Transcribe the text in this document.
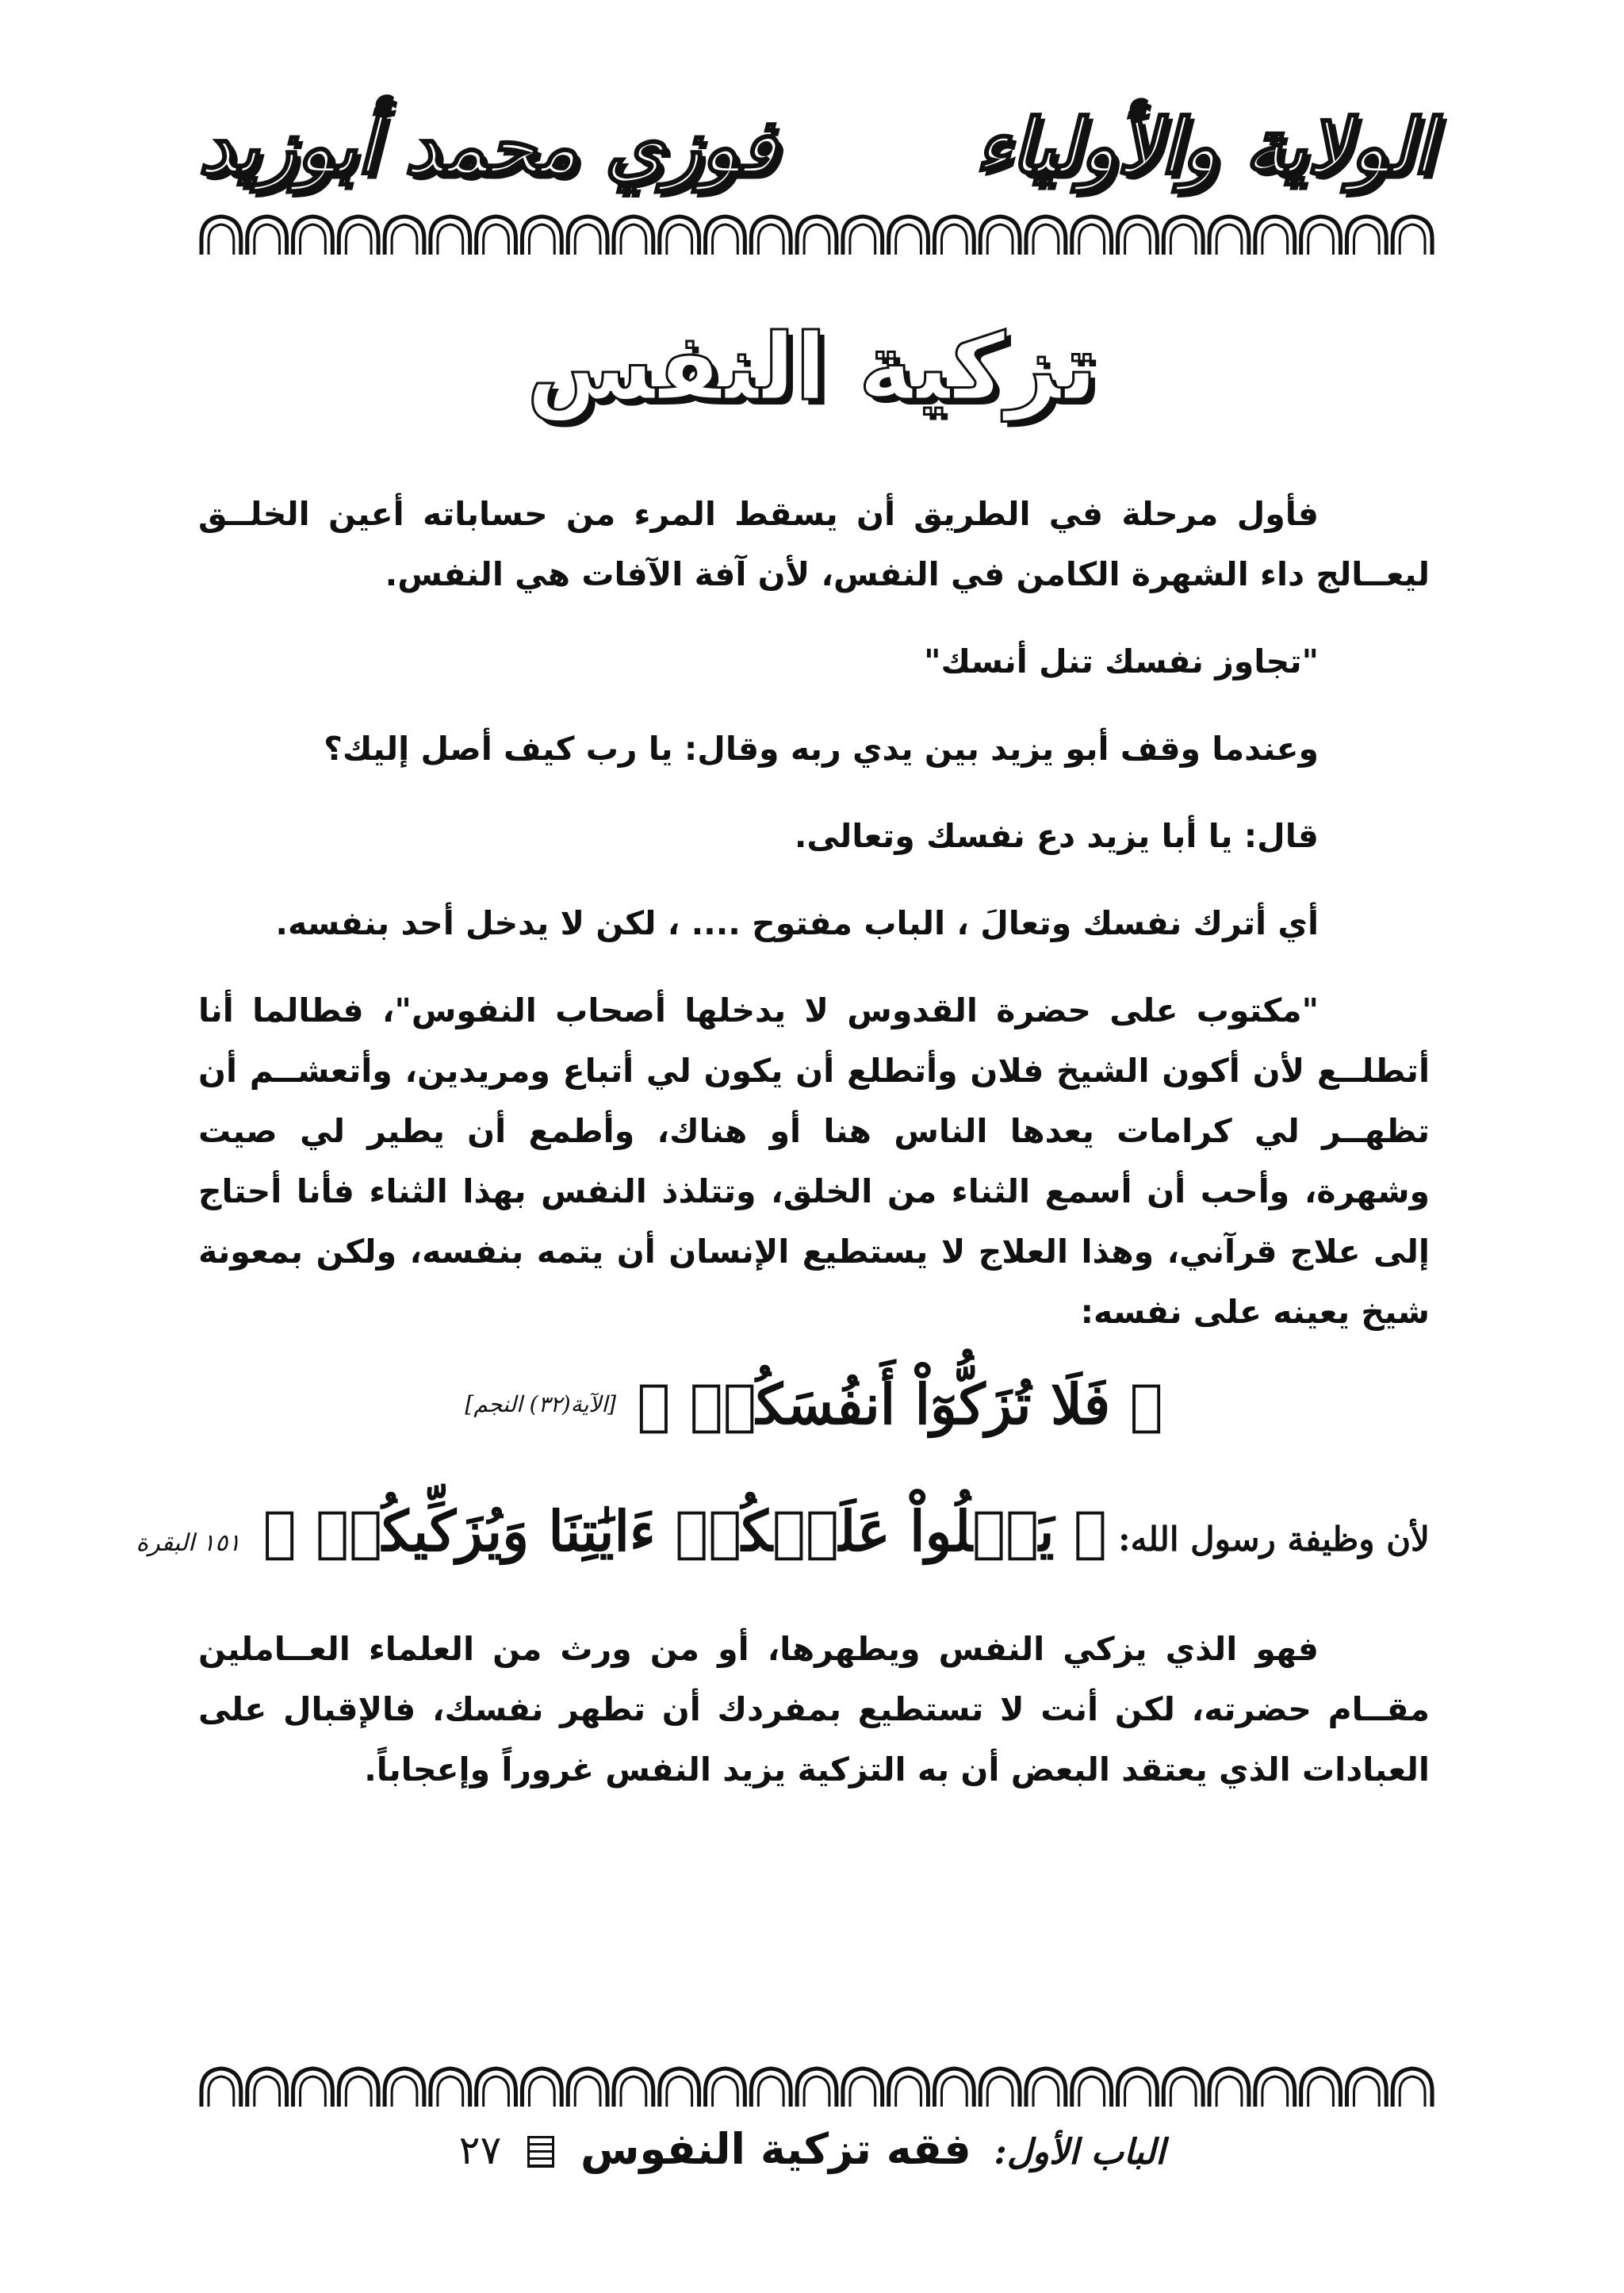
الولاية والأولياء
فوزي محمد أبوزيد
تزكية النفس

فأول مرحلة في الطريق أن يسقط المرء من حساباته أعين الخلــق ليعــالج داء الشهرة الكامن في النفس، لأن آفة الآفات هي النفس.

"تجاوز نفسك تنل أنسك"

وعندما وقف أبو يزيد بين يدي ربه وقال: يا رب كيف أصل إليك؟

قال: يا أبا يزيد دع نفسك وتعالى.

أي أترك نفسك وتعالَ ، الباب مفتوح .... ، لكن لا يدخل أحد بنفسه.

"مكتوب على حضرة القدوس لا يدخلها أصحاب النفوس"، فطالما أنا أتطلــع لأن أكون الشيخ فلان وأتطلع أن يكون لي أتباع ومريدين، وأتعشــم أن تظهــر لي كرامات يعدها الناس هنا أو هناك، وأطمع أن يطير لي صيت وشهرة، وأحب أن أسمع الثناء من الخلق، وتتلذذ النفس بهذا الثناء فأنا أحتاج إلى علاج قرآني، وهذا العلاج لا يستطيع الإنسان أن يتمه بنفسه، ولكن بمعونة شيخ يعينه على نفسه:

﴿ فَلَا تُزَكُّوٓاْ أَنفُسَكُمۡ ﴾ [الآية(٣٢) النجم]

لأن وظيفة رسول الله: ﴿ يَتۡلُواْ عَلَيۡكُمۡ ءَايَٰتِنَا وَيُزَكِّيكُمۡ ﴾ ١٥١ البقرة

فهو الذي يزكي النفس ويطهرها، أو من ورث من العلماء العــاملين مقــام حضرته، لكن أنت لا تستطيع بمفردك أن تطهر نفسك، فالإقبال على العبادات الذي يعتقد البعض أن به التزكية يزيد النفس غروراً وإعجاباً.

الباب الأول: فقه تزكية النفوس  ٢٧
